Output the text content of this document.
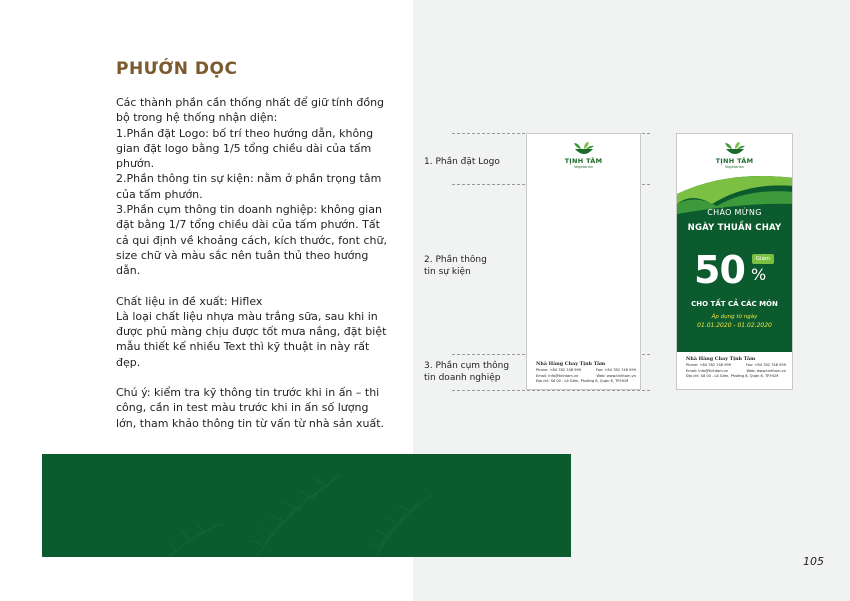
PHƯỚN DỌC

Các thành phần cần thống nhất để giữ tính đồng bộ trong hệ thống nhận diện:

1.Phần đặt Logo: bố trí theo hướng dẫn, không gian đặt logo bằng 1/5 tổng chiều dài của tấm phướn.

2.Phần thông tin sự kiện: nằm ở phần trọng tâm của tấm phướn.

3.Phần cụm thông tin doanh nghiệp: không gian đặt bằng 1/7 tổng chiều dài của tấm phướn. Tất cả qui định về khoảng cách, kích thước, font chữ, size chữ và màu sắc nên tuân thủ theo hướng dẫn.

Chất liệu in đề xuất: Hiflex

Là loại chất liệu nhựa màu trắng sữa, sau khi in được phủ màng chịu được tốt mưa nắng, đặt biệt mẫu thiết kế nhiều Text thì kỹ thuật in này rất đẹp.

Chú ý: kiểm tra kỹ thông tin trước khi in ấn – thi công, cần in test màu trước khi in ấn số lượng lớn, tham khảo thông tin từ vấn từ nhà sản xuất.

105
1. Phần đặt Logo
2. Phần thông tin sự kiện
3. Phần cụm thông tin doanh nghiệp
TỊNH TÂM
Vegetarian
Nhà Hàng Chay Tịnh Tâm
Phone: +84 782 748 999	Fax: +84 782 748 599
Email: info@tinhtam.vn	Web: www.tinhtam.vn
Địa chỉ: Số 00 - Lò Gốm, Phường 8, Quận 6, TP.HCM
TỊNH TÂM
Vegetarian
CHÀO MỪNG
NGÀY THUẦN CHAY
50	Giảm
%
CHO TẤT CẢ CÁC MÓN
Áp dụng từ ngày
01.01.2020 - 01.02.2020
Nhà Hàng Chay Tịnh Tâm
Phone: +84 782 748 999	Fax: +84 782 748 599
Email: info@tinhtam.vn	Web: www.tinhtam.vn
Địa chỉ: Số 00 - Lò Gốm, Phường 8, Quận 6, TP.HCM
